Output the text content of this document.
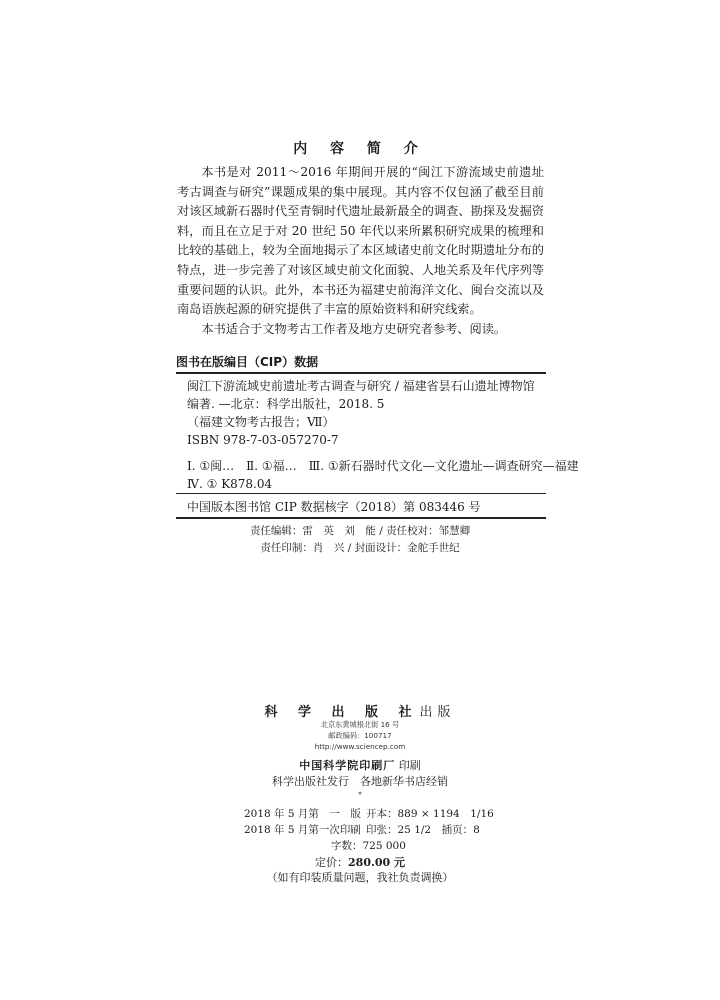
内 容 简 介

本书是对 2011～2016 年期间开展的“闽江下游流域史前遗址考古调查与研究”课题成果的集中展现。其内容不仅包涵了截至目前对该区域新石器时代至青铜时代遗址最新最全的调查、勘探及发掘资料，而且在立足于对 20 世纪 50 年代以来所累积研究成果的梳理和比较的基础上，较为全面地揭示了本区域诸史前文化时期遗址分布的特点，进一步完善了对该区域史前文化面貌、人地关系及年代序列等重要问题的认识。此外，本书还为福建史前海洋文化、闽台交流以及南岛语族起源的研究提供了丰富的原始资料和研究线索。

本书适合于文物考古工作者及地方史研究者参考、阅读。

图书在版编目（CIP）数据
闽江下游流域史前遗址考古调查与研究 / 福建省昙石山遗址博物馆
编著. —北京：科学出版社，2018. 5
（福建文物考古报告；Ⅶ）
ISBN 978-7-03-057270-7
Ⅰ. ①闽…　Ⅱ. ①福…　Ⅲ. ①新石器时代文化—文化遗址—调查研究—福建
Ⅳ. ① K878.04
中国版本图书馆 CIP 数据核字（2018）第 083446 号
责任编辑：雷　英　刘　能 / 责任校对：邹慧卿
责任印制：肖　兴 / 封面设计：金舵手世纪
科 学 出 版 社出版
北京东黄城根北街 16 号
邮政编码：100717
http://www.sciencep.com
中国科学院印刷厂 印刷
科学出版社发行　各地新华书店经销
*
2018 年 5 月第　一　版 开本：889 × 1194　1/16
2018 年 5 月第一次印刷 印张：25 1/2　插页：8
字数：725 000
定价：280.00 元
（如有印装质量问题，我社负责调换）
